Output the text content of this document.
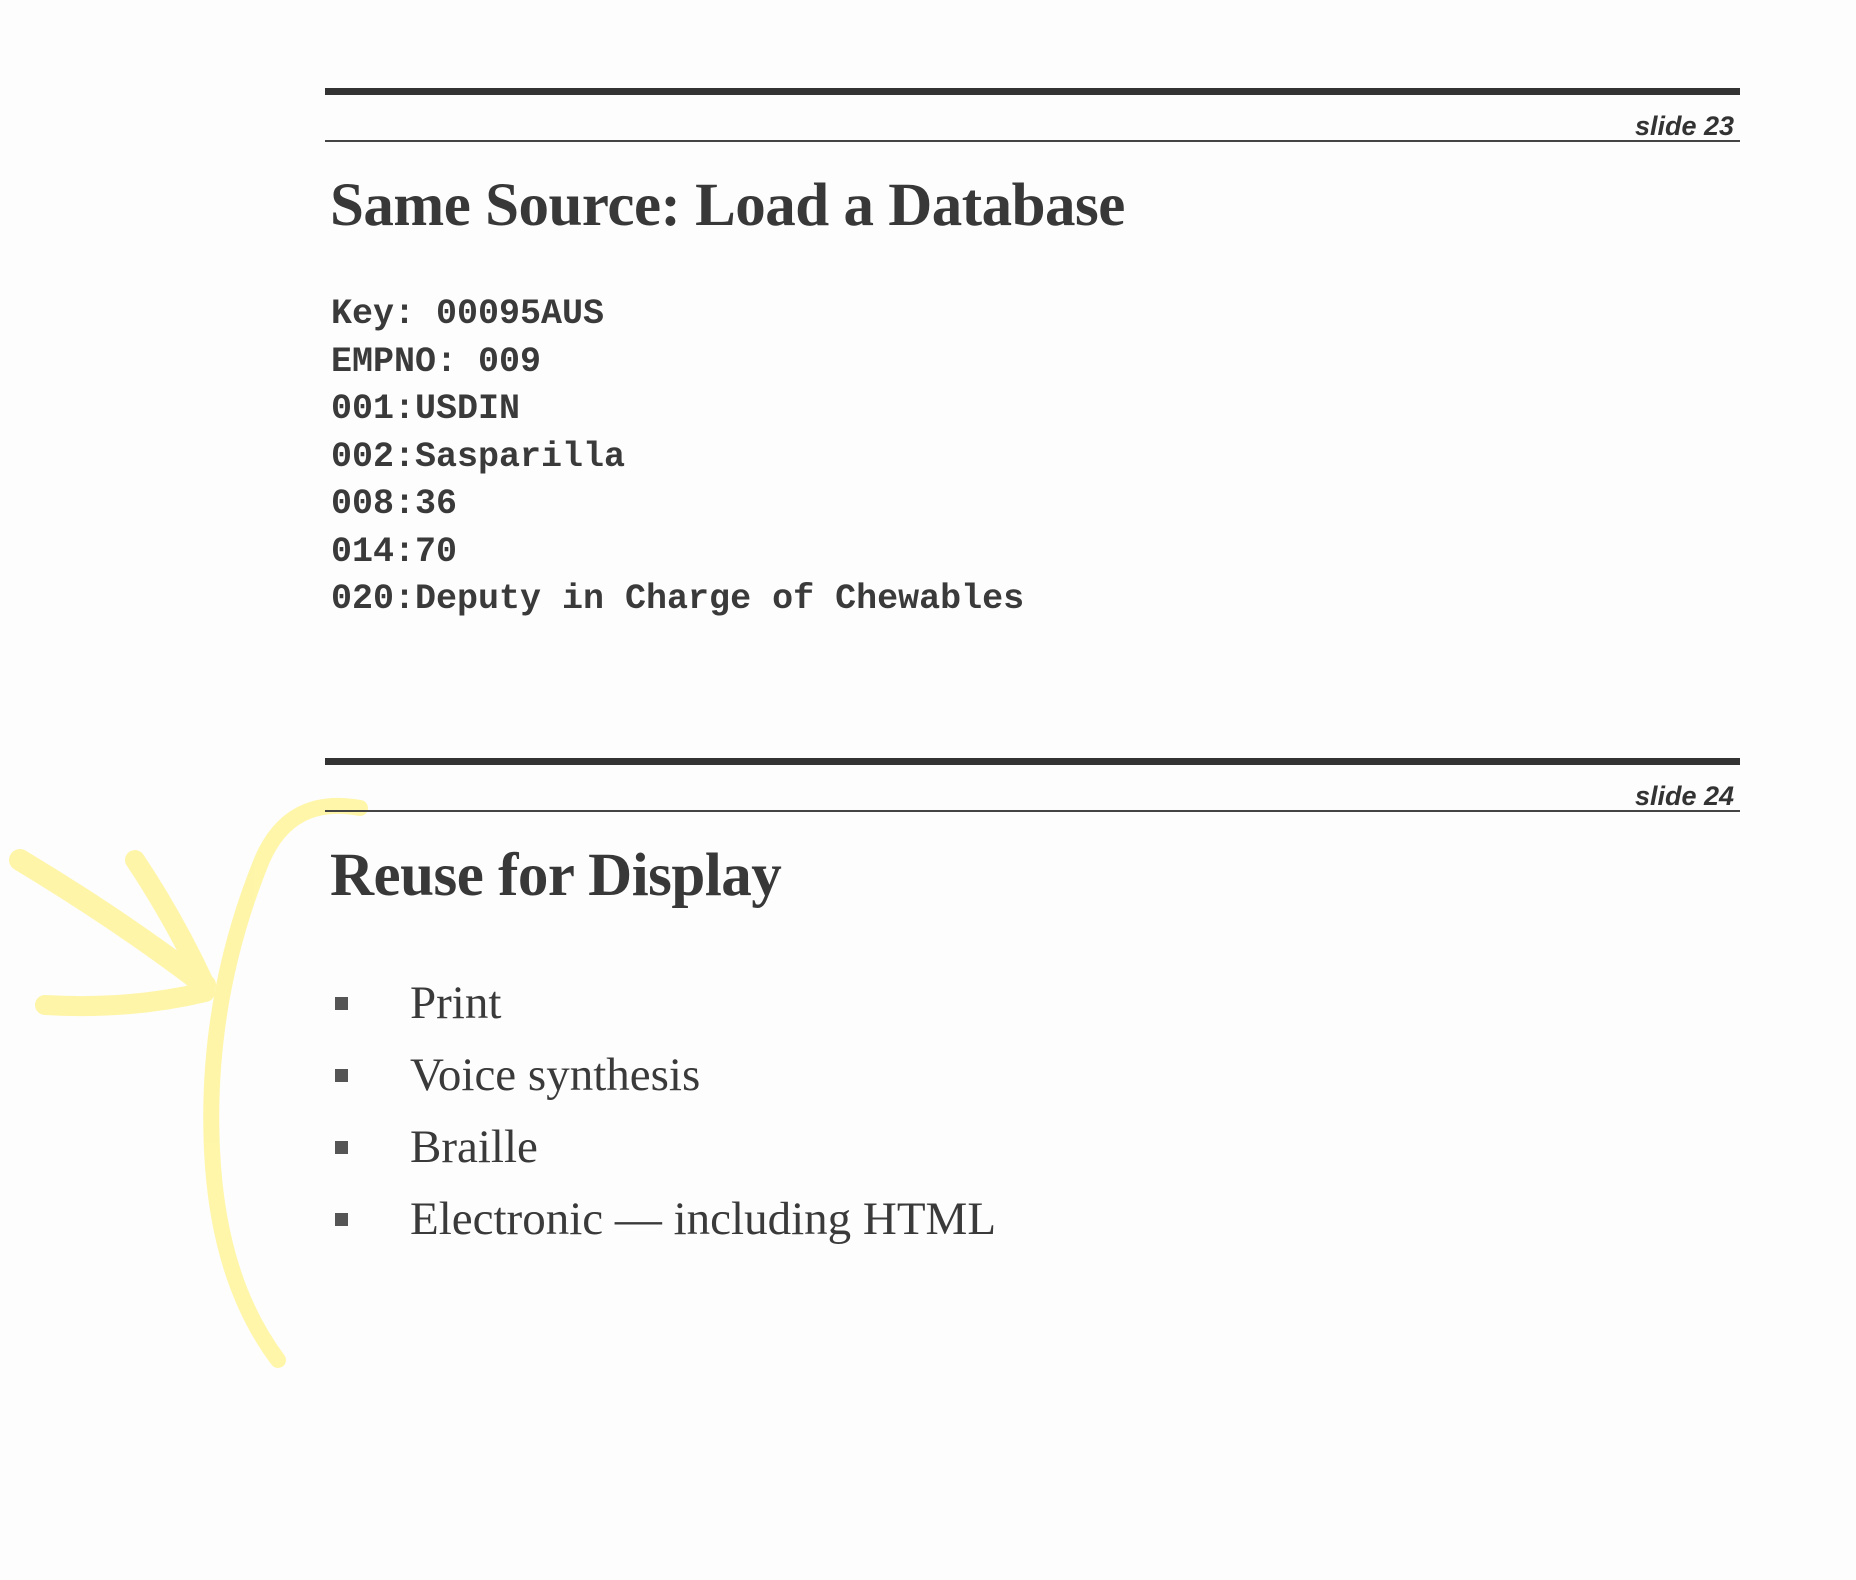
slide 23
Same Source: Load a Database
Key: 00095AUS
EMPNO: 009
001:USDIN
002:Sasparilla
008:36
014:70
020:Deputy in Charge of Chewables
slide 24
Reuse for Display
Print
Voice synthesis
Braille
Electronic — including HTML
